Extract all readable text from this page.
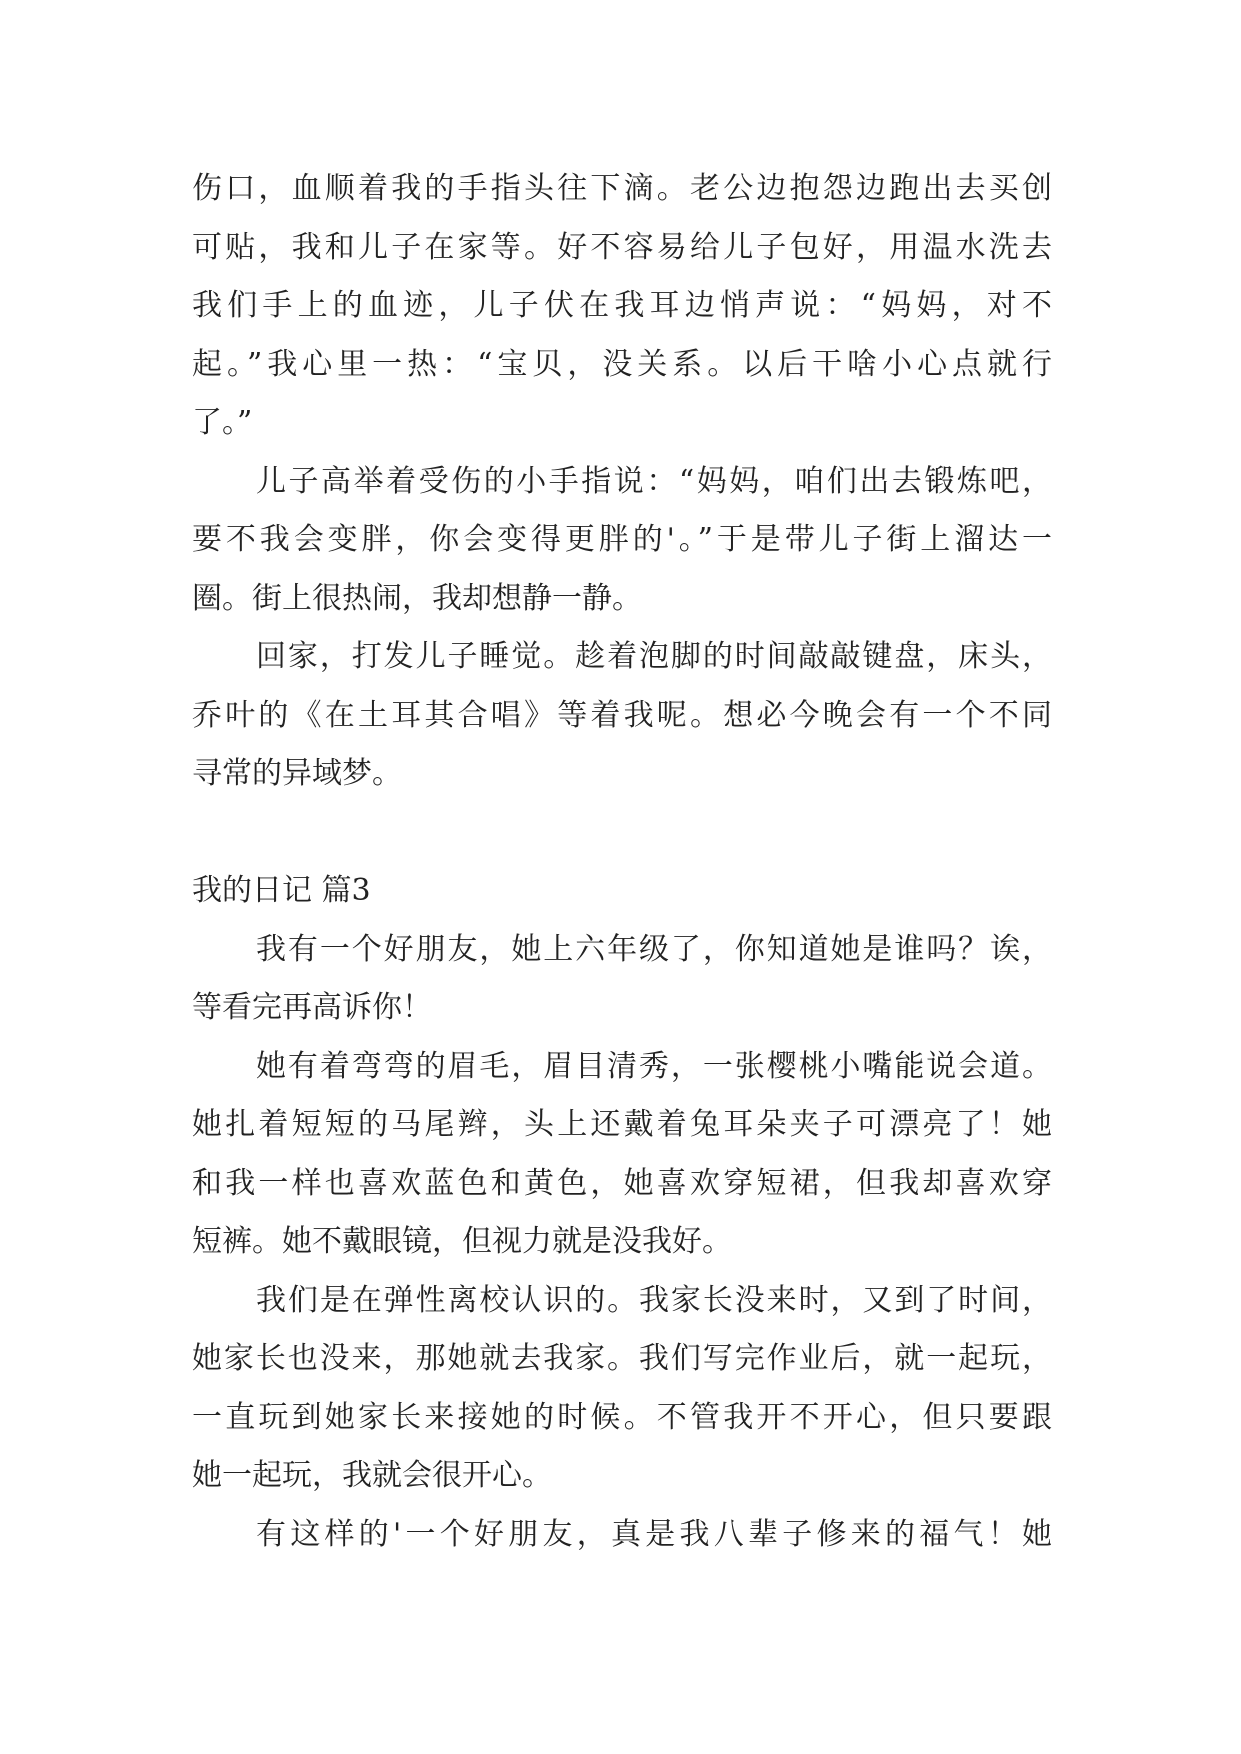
伤口，血顺着我的手指头往下滴。老公边抱怨边跑出去买创
可贴，我和儿子在家等。好不容易给儿子包好，用温水洗去
我们手上的血迹，儿子伏在我耳边悄声说：“妈妈，对不
起。”我心里一热：“宝贝，没关系。以后干啥小心点就行
了。”
儿子高举着受伤的小手指说：“妈妈，咱们出去锻炼吧，
要不我会变胖，你会变得更胖的'。”于是带儿子街上溜达一
圈。街上很热闹，我却想静一静。
回家，打发儿子睡觉。趁着泡脚的时间敲敲键盘，床头，
乔叶的《在土耳其合唱》等着我呢。想必今晚会有一个不同
寻常的异域梦。
我的日记 篇3
我有一个好朋友，她上六年级了，你知道她是谁吗？诶，
等看完再高诉你！
她有着弯弯的眉毛，眉目清秀，一张樱桃小嘴能说会道。
她扎着短短的马尾辫，头上还戴着兔耳朵夹子可漂亮了！她
和我一样也喜欢蓝色和黄色，她喜欢穿短裙，但我却喜欢穿
短裤。她不戴眼镜，但视力就是没我好。
我们是在弹性离校认识的。我家长没来时，又到了时间，
她家长也没来，那她就去我家。我们写完作业后，就一起玩，
一直玩到她家长来接她的时候。不管我开不开心，但只要跟
她一起玩，我就会很开心。
有这样的'一个好朋友，真是我八辈子修来的福气！她
